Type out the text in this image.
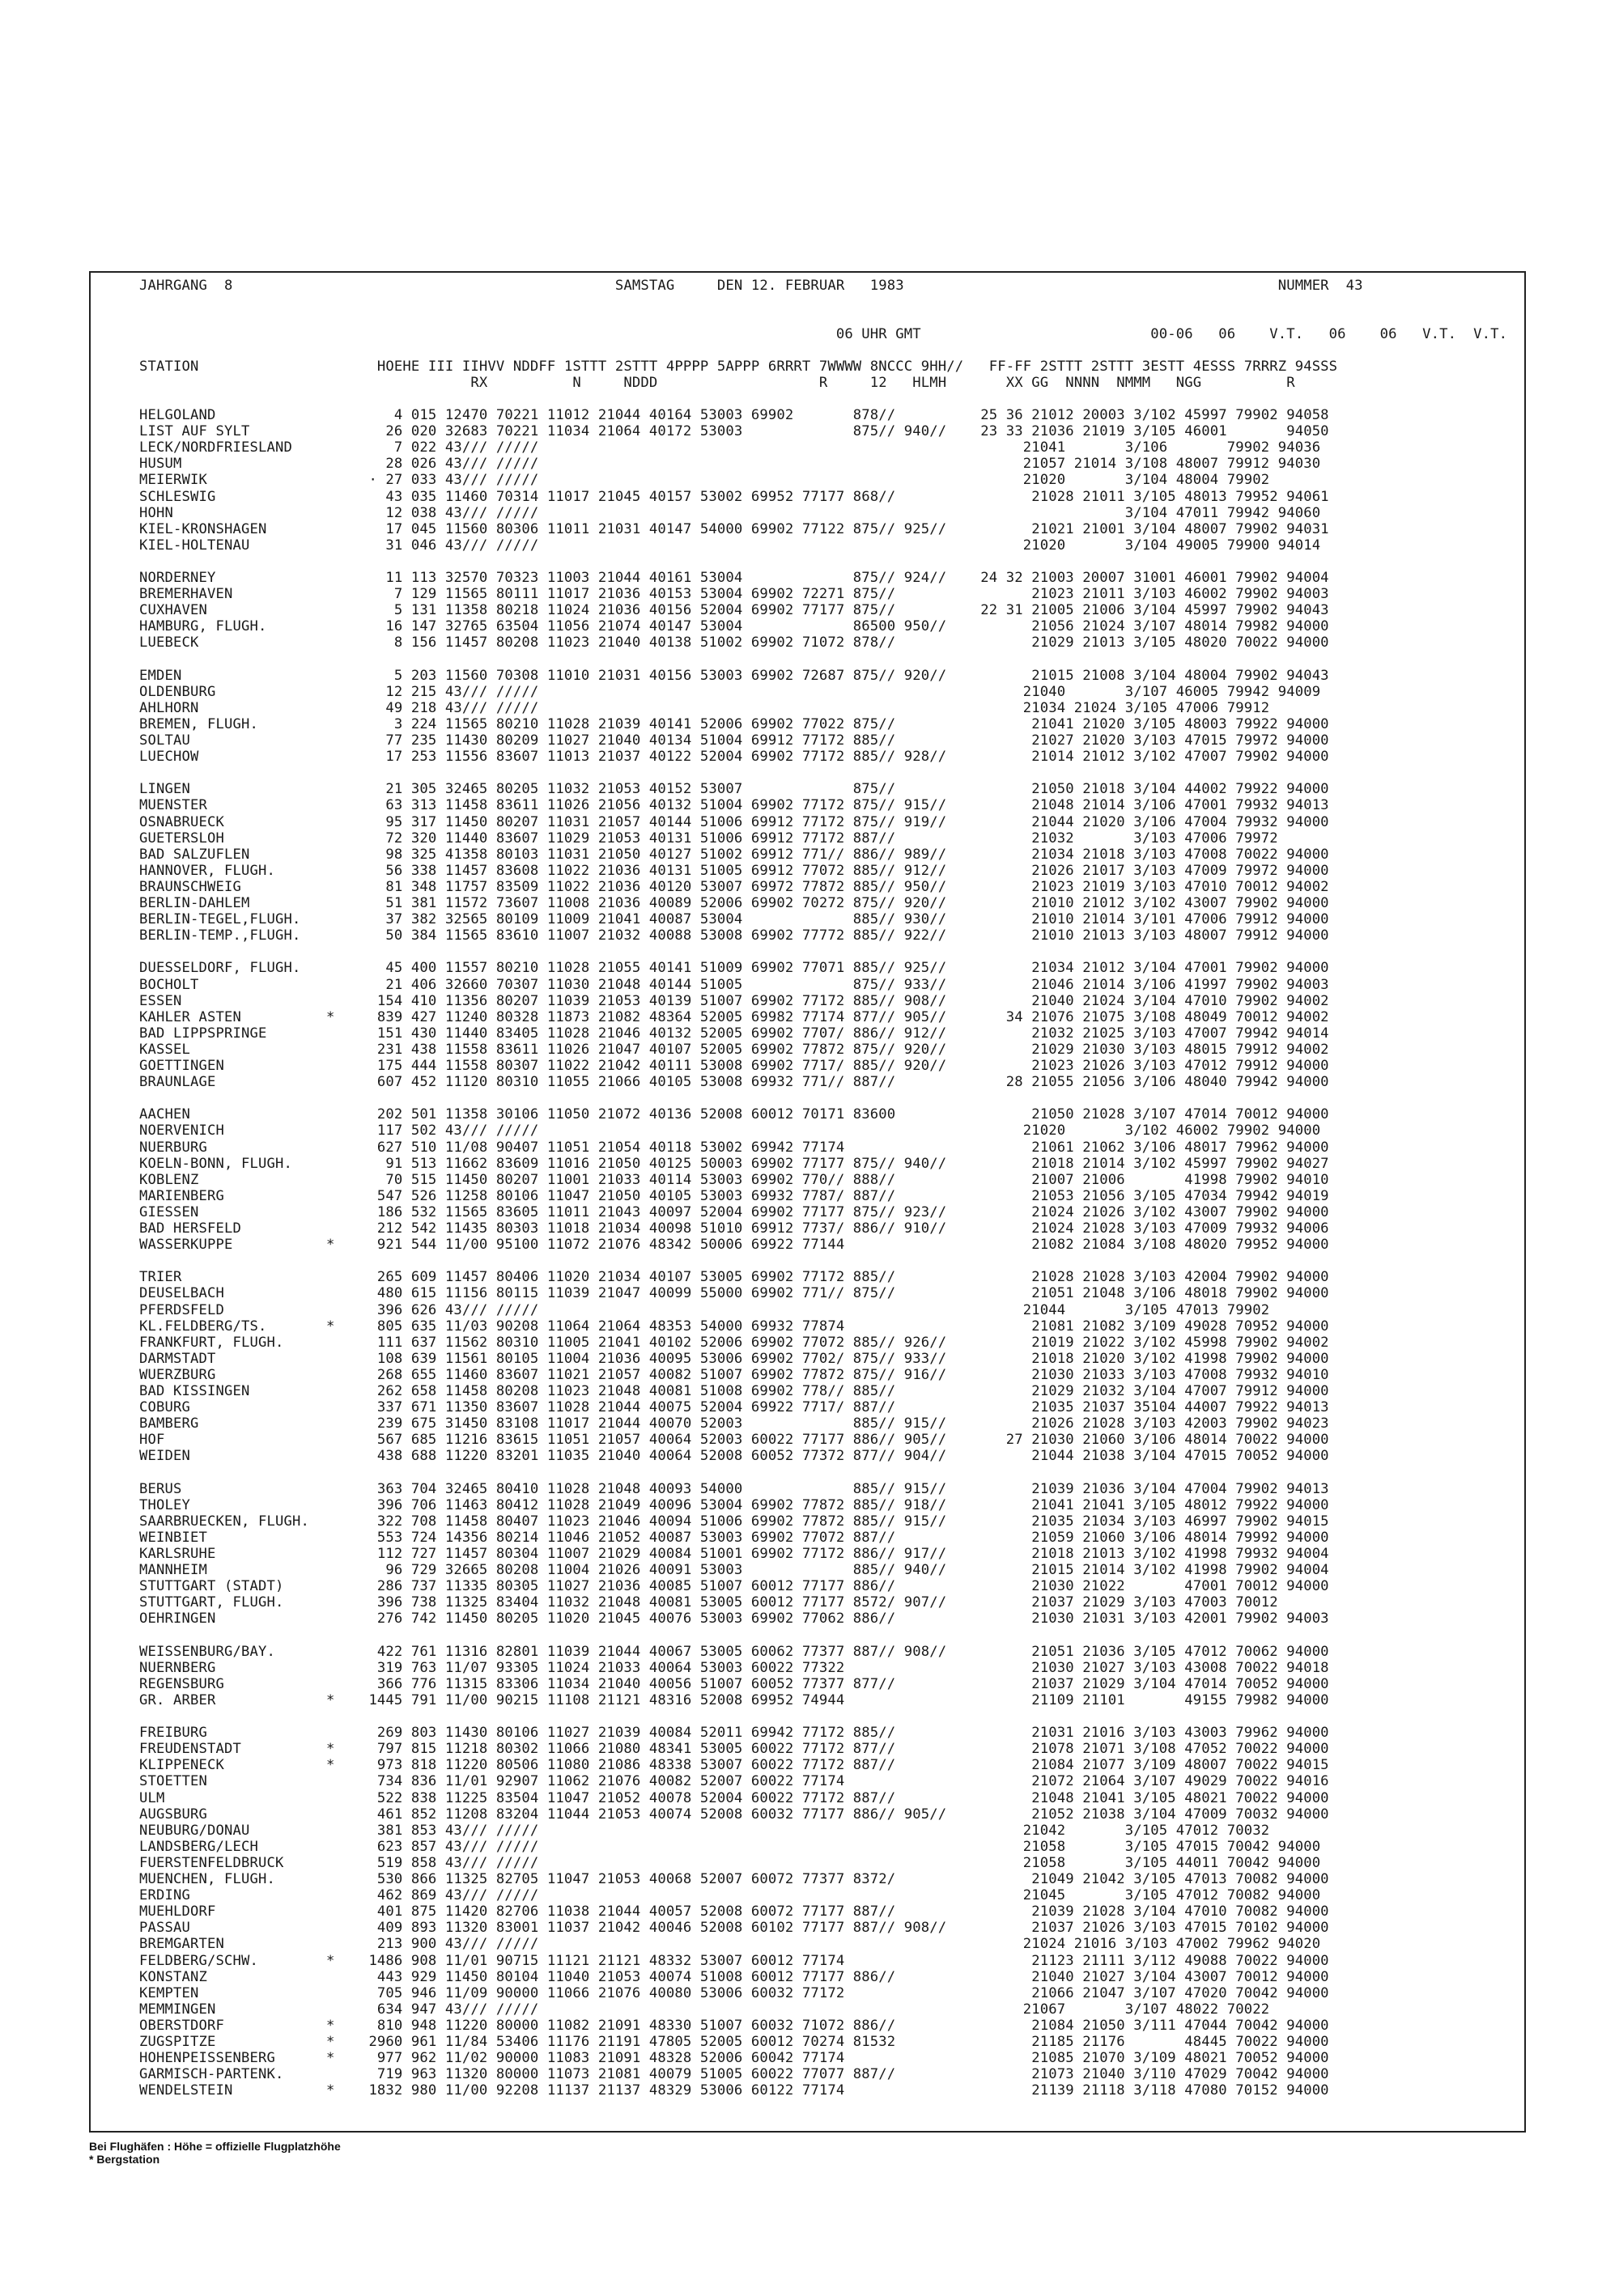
JAHRGANG  8                                             SAMSTAG     DEN 12. FEBRUAR   1983                                            NUMMER  43
06 UHR GMT                           00-06   06    V.T.   06    06   V.T.  V.T.
STATION                     HOEHE III IIHVV NDDFF 1STTT 2STTT 4PPPP 5APPP 6RRRT 7WWWW 8NCCC 9HH//   FF-FF 2STTT 2STTT 3ESTT 4ESSS 7RRRZ 94SSS
RX          N     NDDD                   R     12   HLMH       XX GG  NNNN  NMMM   NGG          R
HELGOLAND                     4 015 12470 70221 11012 21044 40164 53003 69902       878//          25 36 21012 20003 3/102 45997 79902 94058
LIST AUF SYLT                26 020 32683 70221 11034 21064 40172 53003             875// 940//    23 33 21036 21019 3/105 46001       94050
LECK/NORDFRIESLAND            7 022 43/// /////                                                         21041       3/106       79902 94036
HUSUM                        28 026 43/// /////                                                         21057 21014 3/108 48007 79912 94030
MEIERWIK                   · 27 033 43/// /////                                                         21020       3/104 48004 79902
SCHLESWIG                    43 035 11460 70314 11017 21045 40157 53002 69952 77177 868//                21028 21011 3/105 48013 79952 94061
HOHN                         12 038 43/// /////                                                                     3/104 47011 79942 94060
KIEL-KRONSHAGEN              17 045 11560 80306 11011 21031 40147 54000 69902 77122 875// 925//          21021 21001 3/104 48007 79902 94031
KIEL-HOLTENAU                31 046 43/// /////                                                         21020       3/104 49005 79900 94014
NORDERNEY                    11 113 32570 70323 11003 21044 40161 53004             875// 924//    24 32 21003 20007 31001 46001 79902 94004
BREMERHAVEN                   7 129 11565 80111 11017 21036 40153 53004 69902 72271 875//                21023 21011 3/103 46002 79902 94003
CUXHAVEN                      5 131 11358 80218 11024 21036 40156 52004 69902 77177 875//          22 31 21005 21006 3/104 45997 79902 94043
HAMBURG, FLUGH.              16 147 32765 63504 11056 21074 40147 53004             86500 950//          21056 21024 3/107 48014 79982 94000
LUEBECK                       8 156 11457 80208 11023 21040 40138 51002 69902 71072 878//                21029 21013 3/105 48020 70022 94000
EMDEN                         5 203 11560 70308 11010 21031 40156 53003 69902 72687 875// 920//          21015 21008 3/104 48004 79902 94043
OLDENBURG                    12 215 43/// /////                                                         21040       3/107 46005 79942 94009
AHLHORN                      49 218 43/// /////                                                         21034 21024 3/105 47006 79912
BREMEN, FLUGH.                3 224 11565 80210 11028 21039 40141 52006 69902 77022 875//                21041 21020 3/105 48003 79922 94000
SOLTAU                       77 235 11430 80209 11027 21040 40134 51004 69912 77172 885//                21027 21020 3/103 47015 79972 94000
LUECHOW                      17 253 11556 83607 11013 21037 40122 52004 69902 77172 885// 928//          21014 21012 3/102 47007 79902 94000
LINGEN                       21 305 32465 80205 11032 21053 40152 53007             875//                21050 21018 3/104 44002 79922 94000
MUENSTER                     63 313 11458 83611 11026 21056 40132 51004 69902 77172 875// 915//          21048 21014 3/106 47001 79932 94013
OSNABRUECK                   95 317 11450 80207 11031 21057 40144 51006 69912 77172 875// 919//          21044 21020 3/106 47004 79932 94000
GUETERSLOH                   72 320 11440 83607 11029 21053 40131 51006 69912 77172 887//                21032       3/103 47006 79972
BAD SALZUFLEN                98 325 41358 80103 11031 21050 40127 51002 69912 771// 886// 989//          21034 21018 3/103 47008 70022 94000
HANNOVER, FLUGH.             56 338 11457 83608 11022 21036 40131 51005 69912 77072 885// 912//          21026 21017 3/103 47009 79972 94000
BRAUNSCHWEIG                 81 348 11757 83509 11022 21036 40120 53007 69972 77872 885// 950//          21023 21019 3/103 47010 70012 94002
BERLIN-DAHLEM                51 381 11572 73607 11008 21036 40089 52006 69902 70272 875// 920//          21010 21012 3/102 43007 79902 94000
BERLIN-TEGEL,FLUGH.          37 382 32565 80109 11009 21041 40087 53004             885// 930//          21010 21014 3/101 47006 79912 94000
BERLIN-TEMP.,FLUGH.          50 384 11565 83610 11007 21032 40088 53008 69902 77772 885// 922//          21010 21013 3/103 48007 79912 94000
DUESSELDORF, FLUGH.          45 400 11557 80210 11028 21055 40141 51009 69902 77071 885// 925//          21034 21012 3/104 47001 79902 94000
BOCHOLT                      21 406 32660 70307 11030 21048 40144 51005             875// 933//          21046 21014 3/106 41997 79902 94003
ESSEN                       154 410 11356 80207 11039 21053 40139 51007 69902 77172 885// 908//          21040 21024 3/104 47010 79902 94002
KAHLER ASTEN          *     839 427 11240 80328 11873 21082 48364 52005 69982 77174 877// 905//       34 21076 21075 3/108 48049 70012 94002
BAD LIPPSPRINGE             151 430 11440 83405 11028 21046 40132 52005 69902 7707/ 886// 912//          21032 21025 3/103 47007 79942 94014
KASSEL                      231 438 11558 83611 11026 21047 40107 52005 69902 77872 875// 920//          21029 21030 3/103 48015 79912 94002
GOETTINGEN                  175 444 11558 80307 11022 21042 40111 53008 69902 7717/ 885// 920//          21023 21026 3/103 47012 79912 94000
BRAUNLAGE                   607 452 11120 80310 11055 21066 40105 53008 69932 771// 887//             28 21055 21056 3/106 48040 79942 94000
AACHEN                      202 501 11358 30106 11050 21072 40136 52008 60012 70171 83600                21050 21028 3/107 47014 70012 94000
NOERVENICH                  117 502 43/// /////                                                         21020       3/102 46002 79902 94000
NUERBURG                    627 510 11/08 90407 11051 21054 40118 53002 69942 77174                      21061 21062 3/106 48017 79962 94000
KOELN-BONN, FLUGH.           91 513 11662 83609 11016 21050 40125 50003 69902 77177 875// 940//          21018 21014 3/102 45997 79902 94027
KOBLENZ                      70 515 11450 80207 11001 21033 40114 53003 69902 770// 888//                21007 21006       41998 79902 94010
MARIENBERG                  547 526 11258 80106 11047 21050 40105 53003 69932 7787/ 887//                21053 21056 3/105 47034 79942 94019
GIESSEN                     186 532 11565 83605 11011 21043 40097 52004 69902 77177 875// 923//          21024 21026 3/102 43007 79902 94000
BAD HERSFELD                212 542 11435 80303 11018 21034 40098 51010 69912 7737/ 886// 910//          21024 21028 3/103 47009 79932 94006
WASSERKUPPE           *     921 544 11/00 95100 11072 21076 48342 50006 69922 77144                      21082 21084 3/108 48020 79952 94000
TRIER                       265 609 11457 80406 11020 21034 40107 53005 69902 77172 885//                21028 21028 3/103 42004 79902 94000
DEUSELBACH                  480 615 11156 80115 11039 21047 40099 55000 69902 771// 875//                21051 21048 3/106 48018 79902 94000
PFERDSFELD                  396 626 43/// /////                                                         21044       3/105 47013 79902
KL.FELDBERG/TS.       *     805 635 11/03 90208 11064 21064 48353 54000 69932 77874                      21081 21082 3/109 49028 70952 94000
FRANKFURT, FLUGH.           111 637 11562 80310 11005 21041 40102 52006 69902 77072 885// 926//          21019 21022 3/102 45998 79902 94002
DARMSTADT                   108 639 11561 80105 11004 21036 40095 53006 69902 7702/ 875// 933//          21018 21020 3/102 41998 79902 94000
WUERZBURG                   268 655 11460 83607 11021 21057 40082 51007 69902 77872 875// 916//          21030 21033 3/103 47008 79932 94010
BAD KISSINGEN               262 658 11458 80208 11023 21048 40081 51008 69902 778// 885//                21029 21032 3/104 47007 79912 94000
COBURG                      337 671 11350 83607 11028 21044 40075 52004 69922 7717/ 887//                21035 21037 35104 44007 79922 94013
BAMBERG                     239 675 31450 83108 11017 21044 40070 52003             885// 915//          21026 21028 3/103 42003 79902 94023
HOF                         567 685 11216 83615 11051 21057 40064 52003 60022 77177 886// 905//       27 21030 21060 3/106 48014 70022 94000
WEIDEN                      438 688 11220 83201 11035 21040 40064 52008 60052 77372 877// 904//          21044 21038 3/104 47015 70052 94000
BERUS                       363 704 32465 80410 11028 21048 40093 54000             885// 915//          21039 21036 3/104 47004 79902 94013
THOLEY                      396 706 11463 80412 11028 21049 40096 53004 69902 77872 885// 918//          21041 21041 3/105 48012 79922 94000
SAARBRUECKEN, FLUGH.        322 708 11458 80407 11023 21046 40094 51006 69902 77872 885// 915//          21035 21034 3/103 46997 79902 94015
WEINBIET                    553 724 14356 80214 11046 21052 40087 53003 69902 77072 887//                21059 21060 3/106 48014 79992 94000
KARLSRUHE                   112 727 11457 80304 11007 21029 40084 51001 69902 77172 886// 917//          21018 21013 3/102 41998 79932 94004
MANNHEIM                     96 729 32665 80208 11004 21026 40091 53003             885// 940//          21015 21014 3/102 41998 79902 94004
STUTTGART (STADT)           286 737 11335 80305 11027 21036 40085 51007 60012 77177 886//                21030 21022       47001 70012 94000
STUTTGART, FLUGH.           396 738 11325 83404 11032 21048 40081 53005 60012 77177 8572/ 907//          21037 21029 3/103 47003 70012
OEHRINGEN                   276 742 11450 80205 11020 21045 40076 53003 69902 77062 886//                21030 21031 3/103 42001 79902 94003
WEISSENBURG/BAY.            422 761 11316 82801 11039 21044 40067 53005 60062 77377 887// 908//          21051 21036 3/105 47012 70062 94000
NUERNBERG                   319 763 11/07 93305 11024 21033 40064 53003 60022 77322                      21030 21027 3/103 43008 70022 94018
REGENSBURG                  366 776 11315 83306 11034 21040 40056 51007 60052 77377 877//                21037 21029 3/104 47014 70052 94000
GR. ARBER             *    1445 791 11/00 90215 11108 21121 48316 52008 69952 74944                      21109 21101       49155 79982 94000
FREIBURG                    269 803 11430 80106 11027 21039 40084 52011 69942 77172 885//                21031 21016 3/103 43003 79962 94000
FREUDENSTADT          *     797 815 11218 80302 11066 21080 48341 53005 60022 77172 877//                21078 21071 3/108 47052 70022 94000
KLIPPENECK            *     973 818 11220 80506 11080 21086 48338 53007 60022 77172 887//                21084 21077 3/109 48007 70022 94015
STOETTEN                    734 836 11/01 92907 11062 21076 40082 52007 60022 77174                      21072 21064 3/107 49029 70022 94016
ULM                         522 838 11225 83504 11047 21052 40078 52004 60022 77172 887//                21048 21041 3/105 48021 70022 94000
AUGSBURG                    461 852 11208 83204 11044 21053 40074 52008 60032 77177 886// 905//          21052 21038 3/104 47009 70032 94000
NEUBURG/DONAU               381 853 43/// /////                                                         21042       3/105 47012 70032
LANDSBERG/LECH              623 857 43/// /////                                                         21058       3/105 47015 70042 94000
FUERSTENFELDBRUCK           519 858 43/// /////                                                         21058       3/105 44011 70042 94000
MUENCHEN, FLUGH.            530 866 11325 82705 11047 21053 40068 52007 60072 77377 8372/                21049 21042 3/105 47013 70082 94000
ERDING                      462 869 43/// /////                                                         21045       3/105 47012 70082 94000
MUEHLDORF                   401 875 11420 82706 11038 21044 40057 52008 60072 77177 887//                21039 21028 3/104 47010 70082 94000
PASSAU                      409 893 11320 83001 11037 21042 40046 52008 60102 77177 887// 908//          21037 21026 3/103 47015 70102 94000
BREMGARTEN                  213 900 43/// /////                                                         21024 21016 3/103 47002 79962 94020
FELDBERG/SCHW.        *    1486 908 11/01 90715 11121 21121 48332 53007 60012 77174                      21123 21111 3/112 49088 70022 94000
KONSTANZ                    443 929 11450 80104 11040 21053 40074 51008 60012 77177 886//                21040 21027 3/104 43007 70012 94000
KEMPTEN                     705 946 11/09 90000 11066 21076 40080 53006 60032 77172                      21066 21047 3/107 47020 70042 94000
MEMMINGEN                   634 947 43/// /////                                                         21067       3/107 48022 70022
OBERSTDORF            *     810 948 11220 80000 11082 21091 48330 51007 60032 71072 886//                21084 21050 3/111 47044 70042 94000
ZUGSPITZE             *    2960 961 11/84 53406 11176 21191 47805 52005 60012 70274 81532                21185 21176       48445 70022 94000
HOHENPEISSENBERG      *     977 962 11/02 90000 11083 21091 48328 52006 60042 77174                      21085 21070 3/109 48021 70052 94000
GARMISCH-PARTENK.           719 963 11320 80000 11073 21081 40079 51005 60022 77077 887//                21073 21040 3/110 47029 70042 94000
WENDELSTEIN           *    1832 980 11/00 92208 11137 21137 48329 53006 60122 77174                      21139 21118 3/118 47080 70152 94000
Bei Flughäfen : Höhe = offizielle Flugplatzhöhe
* Bergstation
